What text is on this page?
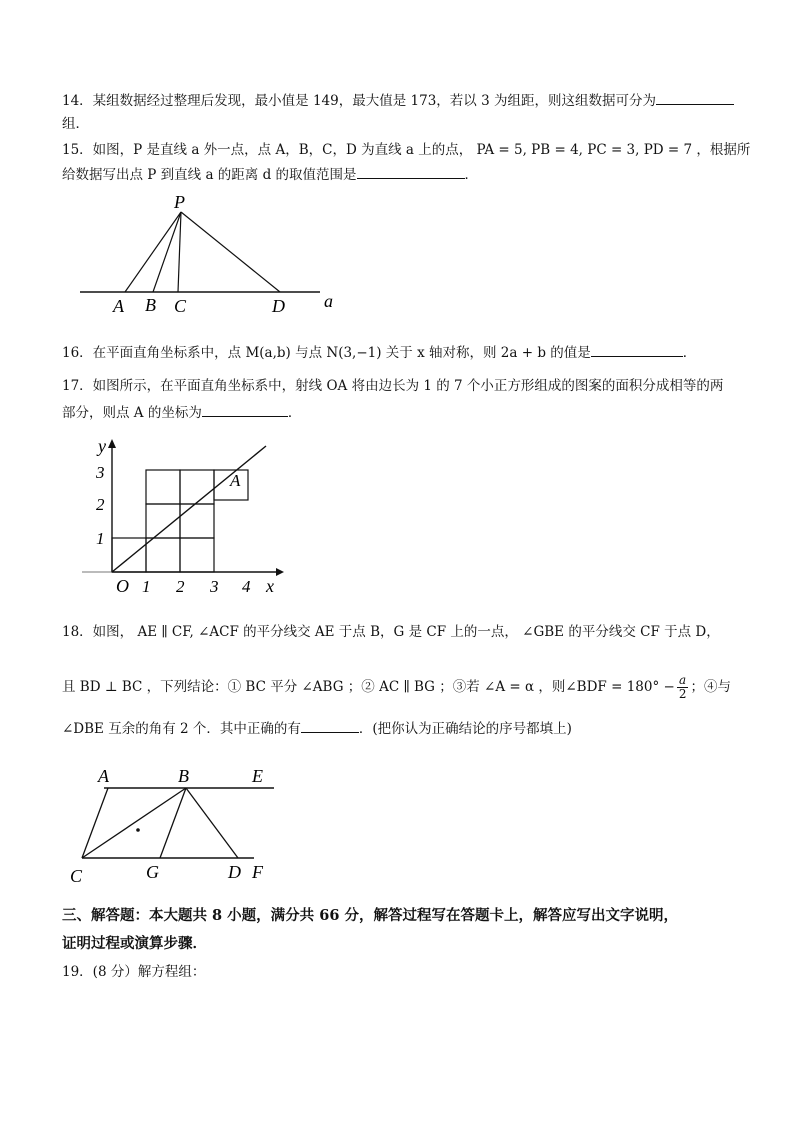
14．某组数据经过整理后发现，最小值是 149，最大值是 173，若以 3 为组距，则这组数据可分为
组．
15．如图，P 是直线 a 外一点，点 A，B，C，D 为直线 a 上的点， PA = 5, PB = 4, PC = 3, PD = 7 ，根据所
给数据写出点 P 到直线 a 的距离 d 的取值范围是	．
P
A B C	D a
16．在平面直角坐标系中，点 M(a,b) 与点 N(3,−1) 关于 x 轴对称，则 2a + b 的值是	．
17．如图所示，在平面直角坐标系中，射线 OA 将由边长为 1 的 7 个小正方形组成的图案的面积分成相等的两
部分，则点 A 的坐标为	．
A
O	x
y
1 2 3 4
1
2
3
18．如图， AE ∥ CF, ∠ACF 的平分线交 AE 于点 B，G 是 CF 上的一点， ∠GBE 的平分线交 CF 于点 D，
且 BD ⊥ BC ，下列结论：① BC 平分 ∠ABG ；② AC ∥ BG ；③若 ∠A = α ，则∠BDF = $180^\circ - \frac{a}{2}$ ；④与
∠DBE 互余的角有 2 个．其中正确的有	．(把你认为正确结论的序号都填上)
A	B	E
C	G	D F
三、解答题：本大题共 8 小题，满分共 66 分，解答过程写在答题卡上，解答应写出文字说明，
证明过程或演算步骤．
19．(8 分）解方程组：
